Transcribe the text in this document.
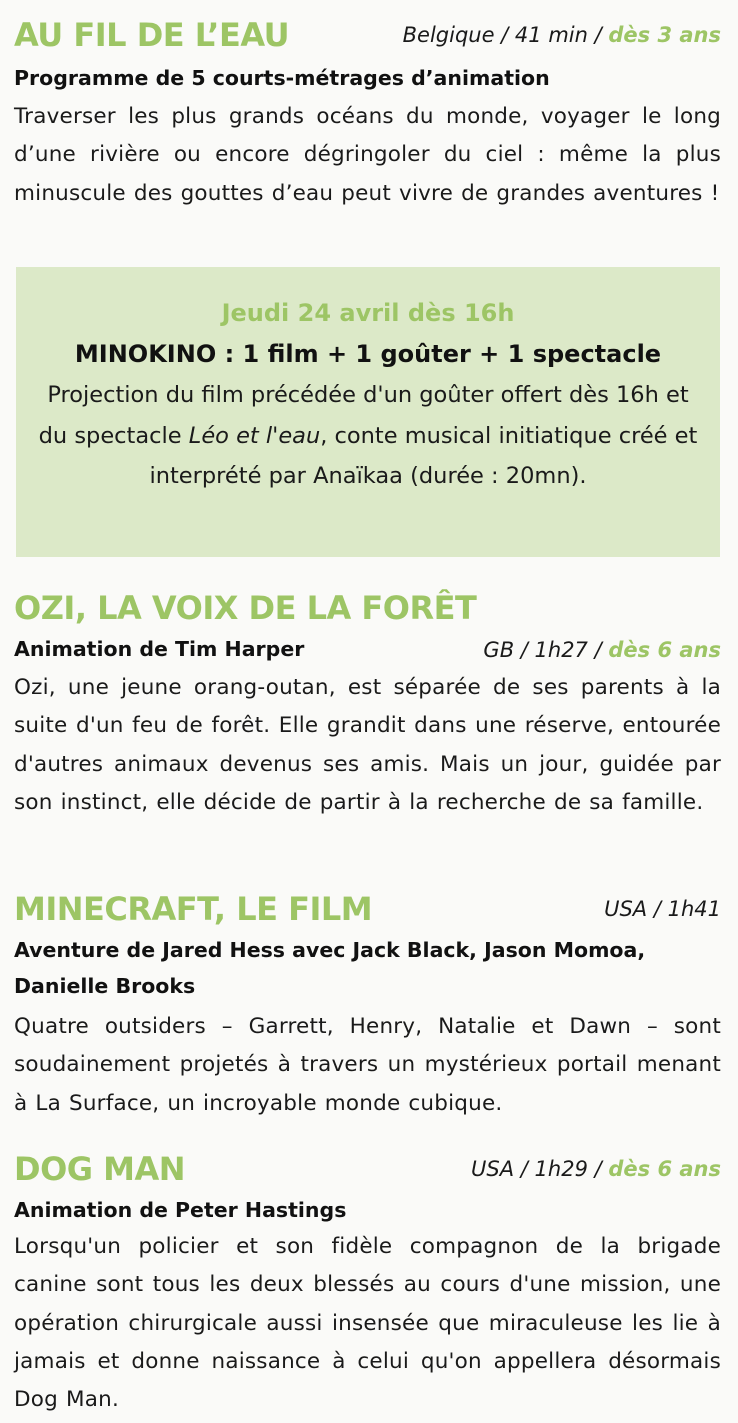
AU FIL DE L’EAU	Belgique / 41 min / dès 3 ans
Programme de 5 courts-métrages d’animation
Traverser les plus grands océans du monde, voyager le long d’une rivière ou encore dégringoler du ciel : même la plus minuscule des gouttes d’eau peut vivre de grandes aventures !
Jeudi 24 avril dès 16h
MINOKINO : 1 film + 1 goûter + 1 spectacle
Projection du film précédée d'un goûter offert dès 16h et du spectacle Léo et l'eau, conte musical initiatique créé et interprété par Anaïkaa (durée : 20mn).
OZI, LA VOIX DE LA FORÊT
Animation de Tim Harper	GB / 1h27 / dès 6 ans
Ozi, une jeune orang-outan, est séparée de ses parents à la suite d'un feu de forêt. Elle grandit dans une réserve, entourée d'autres animaux devenus ses amis. Mais un jour, guidée par son instinct, elle décide de partir à la recherche de sa famille.
MINECRAFT, LE FILM	USA / 1h41
Aventure de Jared Hess avec Jack Black, Jason Momoa, Danielle Brooks
Quatre outsiders – Garrett, Henry, Natalie et Dawn – sont soudainement projetés à travers un mystérieux portail menant à La Surface, un incroyable monde cubique.
DOG MAN	USA / 1h29 / dès 6 ans
Animation de Peter Hastings
Lorsqu'un policier et son fidèle compagnon de la brigade canine sont tous les deux blessés au cours d'une mission, une opération chirurgicale aussi insensée que miraculeuse les lie à jamais et donne naissance à celui qu'on appellera désormais Dog Man.
